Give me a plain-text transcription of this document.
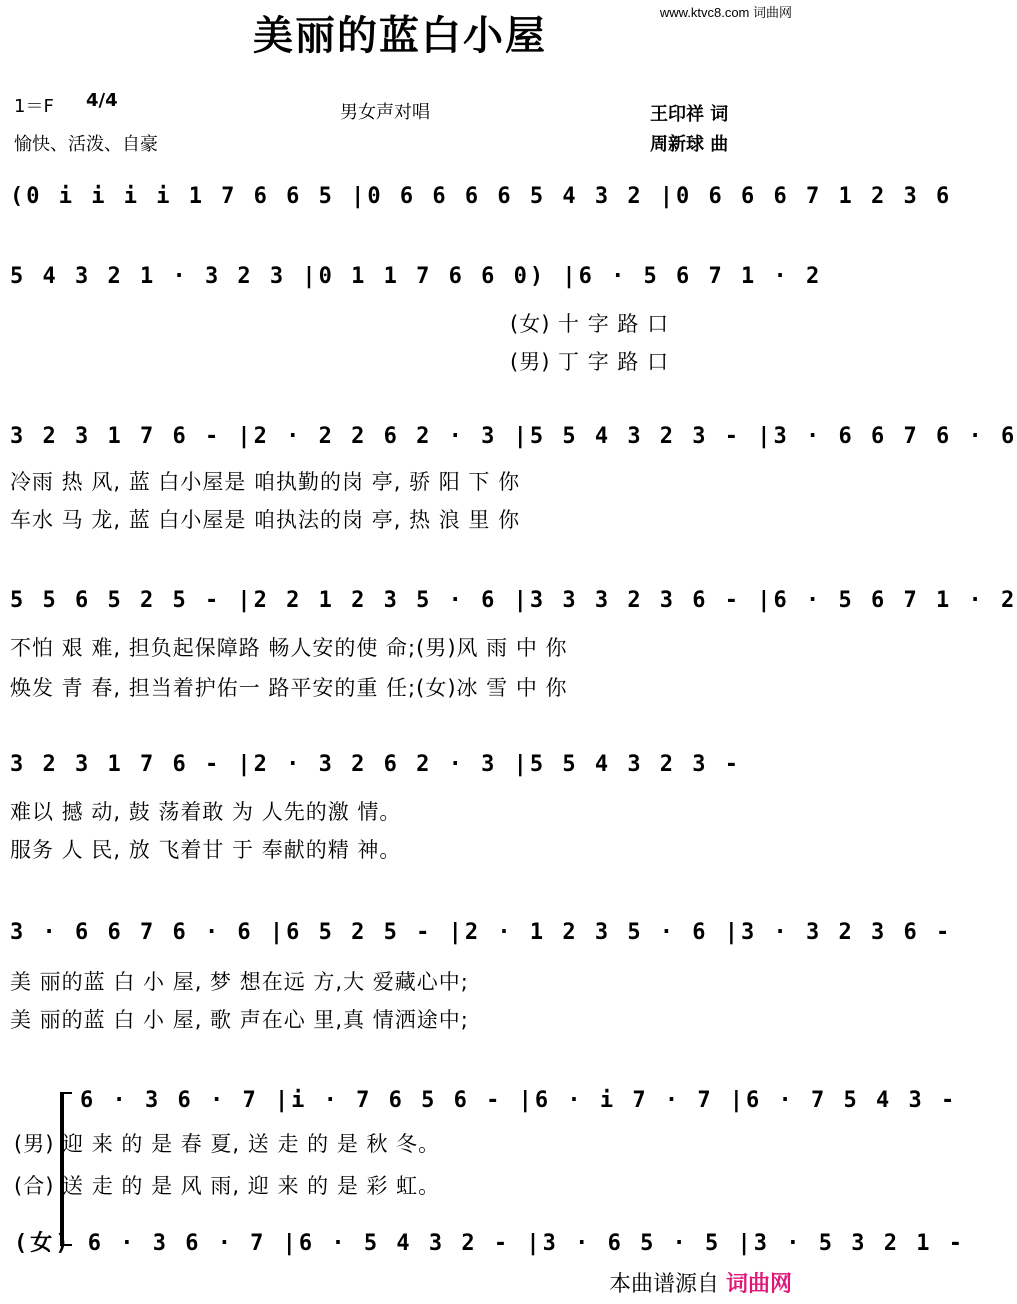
美丽的蓝白小屋
www.ktvc8.com 词曲网
1＝F 4/4
愉快、活泼、自豪
男女声对唱	王印祥 词
周新球 曲
(0 i i i i 1 7 6 6 5 |0 6 6 6 6 5 4 3 2 |0 6 6 6 7 1 2 3 6
5 4 3 2 1 · 3 2 3 |0 1 1 7 6 6 0) |6 · 5 6 7 1 · 2
(女) 十 字 路 口
(男) 丁 字 路 口
3 2 3 1 7 6 - |2 · 2 2 6 2 · 3 |5 5 4 3 2 3 - |3 · 6 6 7 6 · 6
冷雨 热 风, 蓝 白小屋是 咱执勤的岗 亭, 骄 阳 下 你
车水 马 龙, 蓝 白小屋是 咱执法的岗 亭, 热 浪 里 你
5 5 6 5 2 5 - |2 2 1 2 3 5 · 6 |3 3 3 2 3 6 - |6 · 5 6 7 1 · 2
不怕 艰 难, 担负起保障路 畅人安的使 命;(男)风 雨 中 你
焕发 青 春, 担当着护佑一 路平安的重 任;(女)冰 雪 中 你
3 2 3 1 7 6 - |2 · 3 2 6 2 · 3 |5 5 4 3 2 3 -
难以 撼 动, 鼓 荡着敢 为 人先的激 情。
服务 人 民, 放 飞着甘 于 奉献的精 神。
3 · 6 6 7 6 · 6 |6 5 2 5 - |2 · 1 2 3 5 · 6 |3 · 3 2 3 6 -
美 丽的蓝 白 小 屋, 梦 想在远 方,大 爱藏心中;
美 丽的蓝 白 小 屋, 歌 声在心 里,真 情洒途中;
6 · 3 6 · 7 |i · 7 6 5 6 - |6 · i 7 · 7 |6 · 7 5 4 3 -
(男) 迎 来 的 是 春 夏, 送 走 的 是 秋 冬。
(合) 送 走 的 是 风 雨, 迎 来 的 是 彩 虹。
(女) 6 · 3 6 · 7 |6 · 5 4 3 2 - |3 · 6 5 · 5 |3 · 5 3 2 1 -
本曲谱源自 词曲网
